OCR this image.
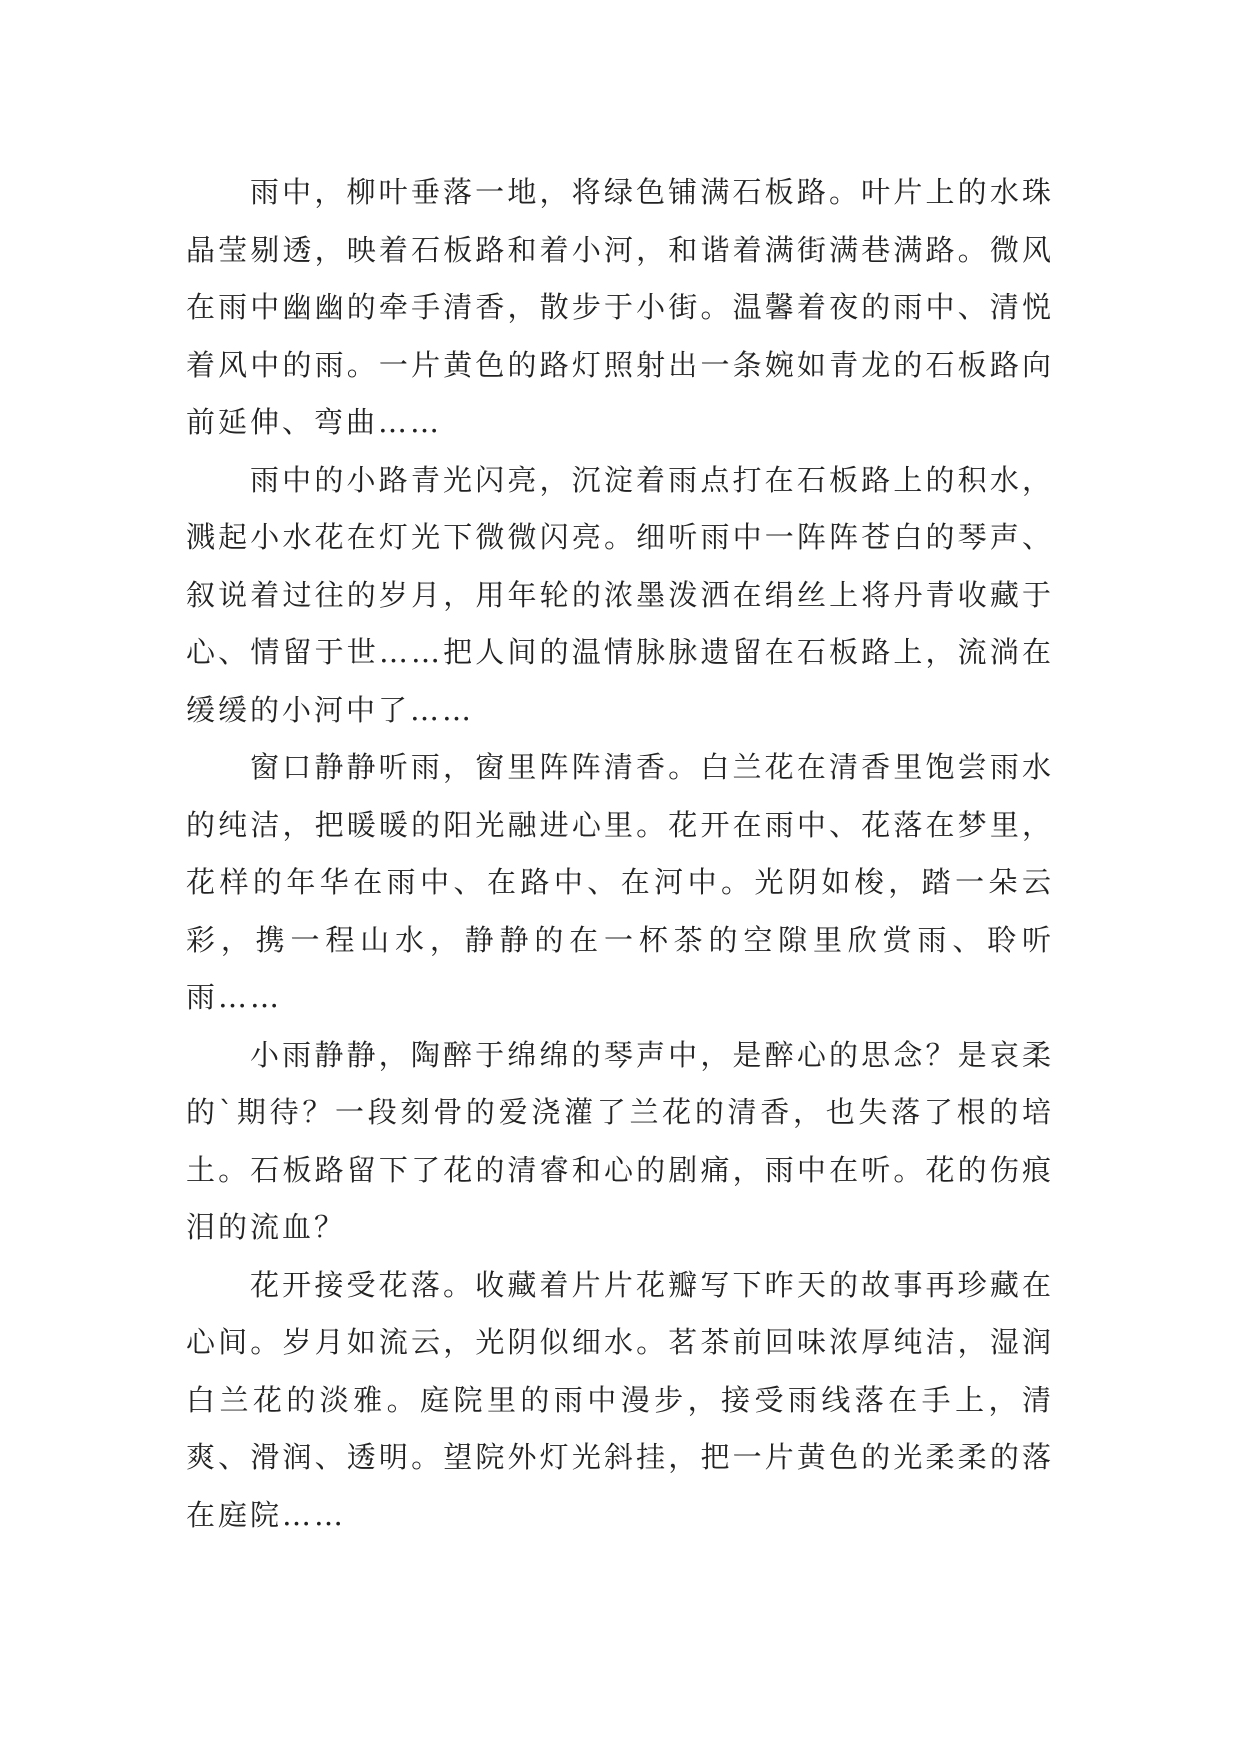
雨中，柳叶垂落一地，将绿色铺满石板路。叶片上的水珠晶莹剔透，映着石板路和着小河，和谐着满街满巷满路。微风在雨中幽幽的牵手清香，散步于小街。温馨着夜的雨中、清悦着风中的雨。一片黄色的路灯照射出一条婉如青龙的石板路向前延伸、弯曲……

雨中的小路青光闪亮，沉淀着雨点打在石板路上的积水，溅起小水花在灯光下微微闪亮。细听雨中一阵阵苍白的琴声、叙说着过往的岁月，用年轮的浓墨泼洒在绢丝上将丹青收藏于心、情留于世……把人间的温情脉脉遗留在石板路上，流淌在缓缓的小河中了……

窗口静静听雨，窗里阵阵清香。白兰花在清香里饱尝雨水的纯洁，把暖暖的阳光融进心里。花开在雨中、花落在梦里，花样的年华在雨中、在路中、在河中。光阴如梭，踏一朵云彩，携一程山水，静静的在一杯茶的空隙里欣赏雨、聆听雨……

小雨静静，陶醉于绵绵的琴声中，是醉心的思念？是哀柔的`期待？一段刻骨的爱浇灌了兰花的清香，也失落了根的培土。石板路留下了花的清睿和心的剧痛，雨中在听。花的伤痕泪的流血？

花开接受花落。收藏着片片花瓣写下昨天的故事再珍藏在心间。岁月如流云，光阴似细水。茗茶前回味浓厚纯洁，湿润白兰花的淡雅。庭院里的雨中漫步，接受雨线落在手上，清爽、滑润、透明。望院外灯光斜挂，把一片黄色的光柔柔的落在庭院……
